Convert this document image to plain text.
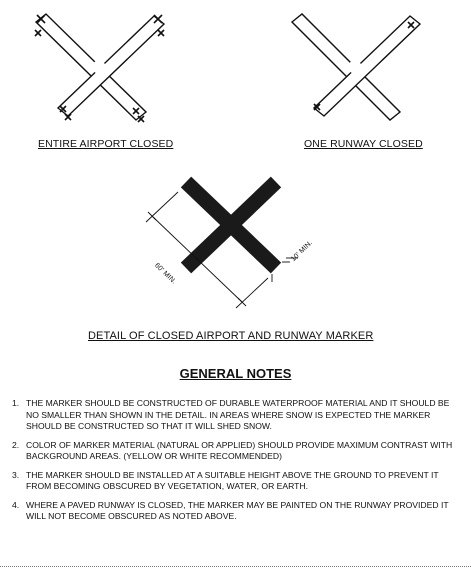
ENTIRE AIRPORT CLOSED	ONE RUNWAY CLOSED
60' MIN.
10' MIN.
DETAIL OF CLOSED AIRPORT AND RUNWAY MARKER
GENERAL NOTES
1. THE MARKER SHOULD BE CONSTRUCTED OF DURABLE WATERPROOF MATERIAL AND IT SHOULD BE NO SMALLER THAN SHOWN IN THE DETAIL. IN AREAS WHERE SNOW IS EXPECTED THE MARKER SHOULD BE CONSTRUCTED SO THAT IT WILL SHED SNOW.
2. COLOR OF MARKER MATERIAL (NATURAL OR APPLIED) SHOULD PROVIDE MAXIMUM CONTRAST WITH BACKGROUND AREAS. (YELLOW OR WHITE RECOMMENDED)
3. THE MARKER SHOULD BE INSTALLED AT A SUITABLE HEIGHT ABOVE THE GROUND TO PREVENT IT FROM BECOMING OBSCURED BY VEGETATION, WATER, OR EARTH.
4. WHERE A PAVED RUNWAY IS CLOSED, THE MARKER MAY BE PAINTED ON THE RUNWAY PROVIDED IT WILL NOT BECOME OBSCURED AS NOTED ABOVE.
